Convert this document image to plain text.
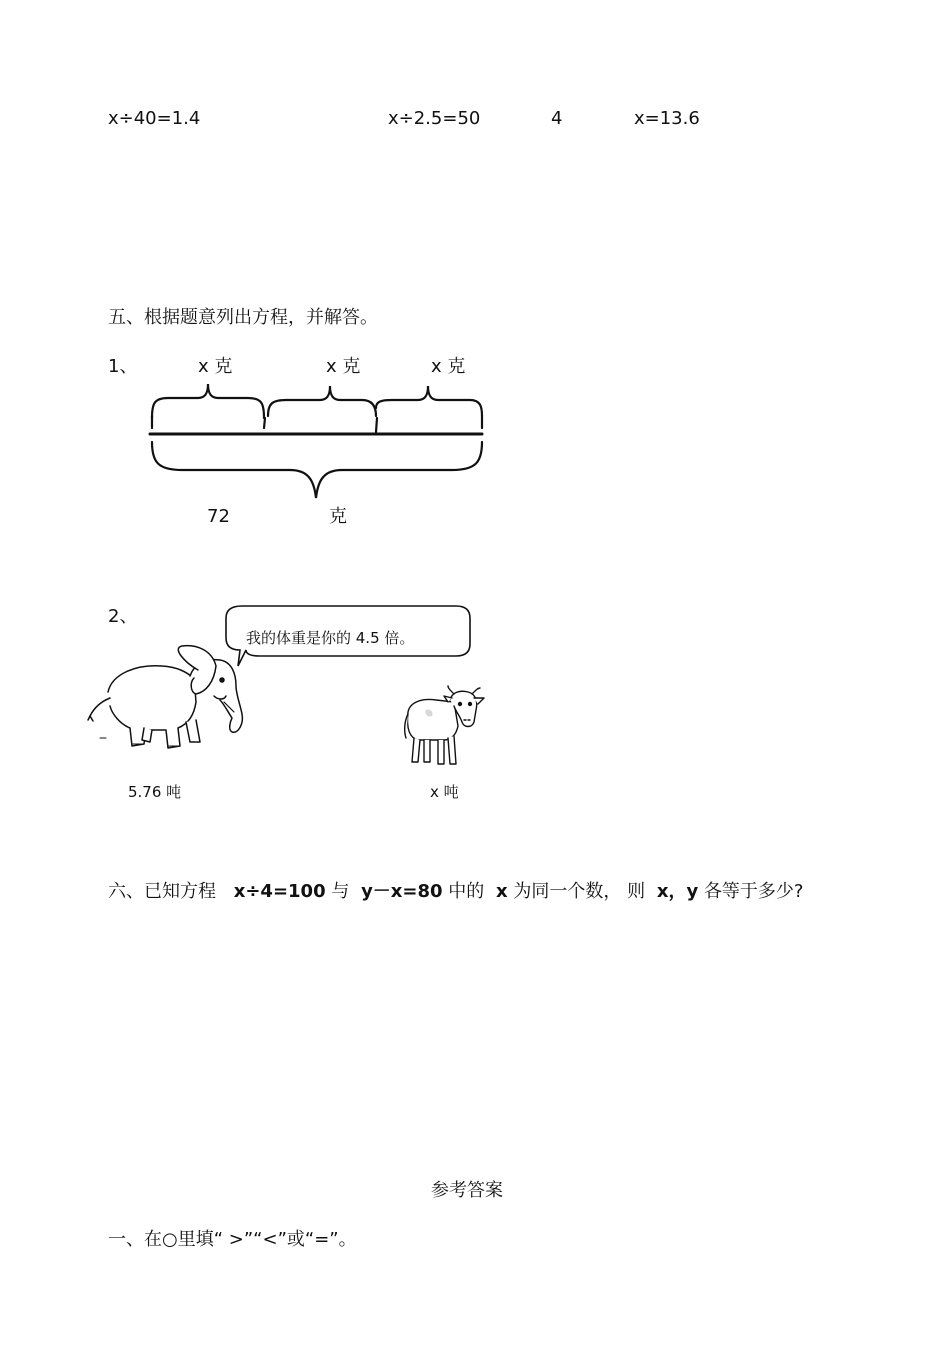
x÷40=1.4	x÷2.5=50	4	x=13.6
五、根据题意列出方程，并解答。
1、	x 克	x 克	x 克
72	克
2、
我的体重是你的 4.5 倍。
5.76 吨	x 吨
六、已知方程 x÷4=100 与 y－x=80 中的 x 为同一个数， 则 x，y 各等于多少?
参考答案
一、在○里填“ >”“<”或“=”。
